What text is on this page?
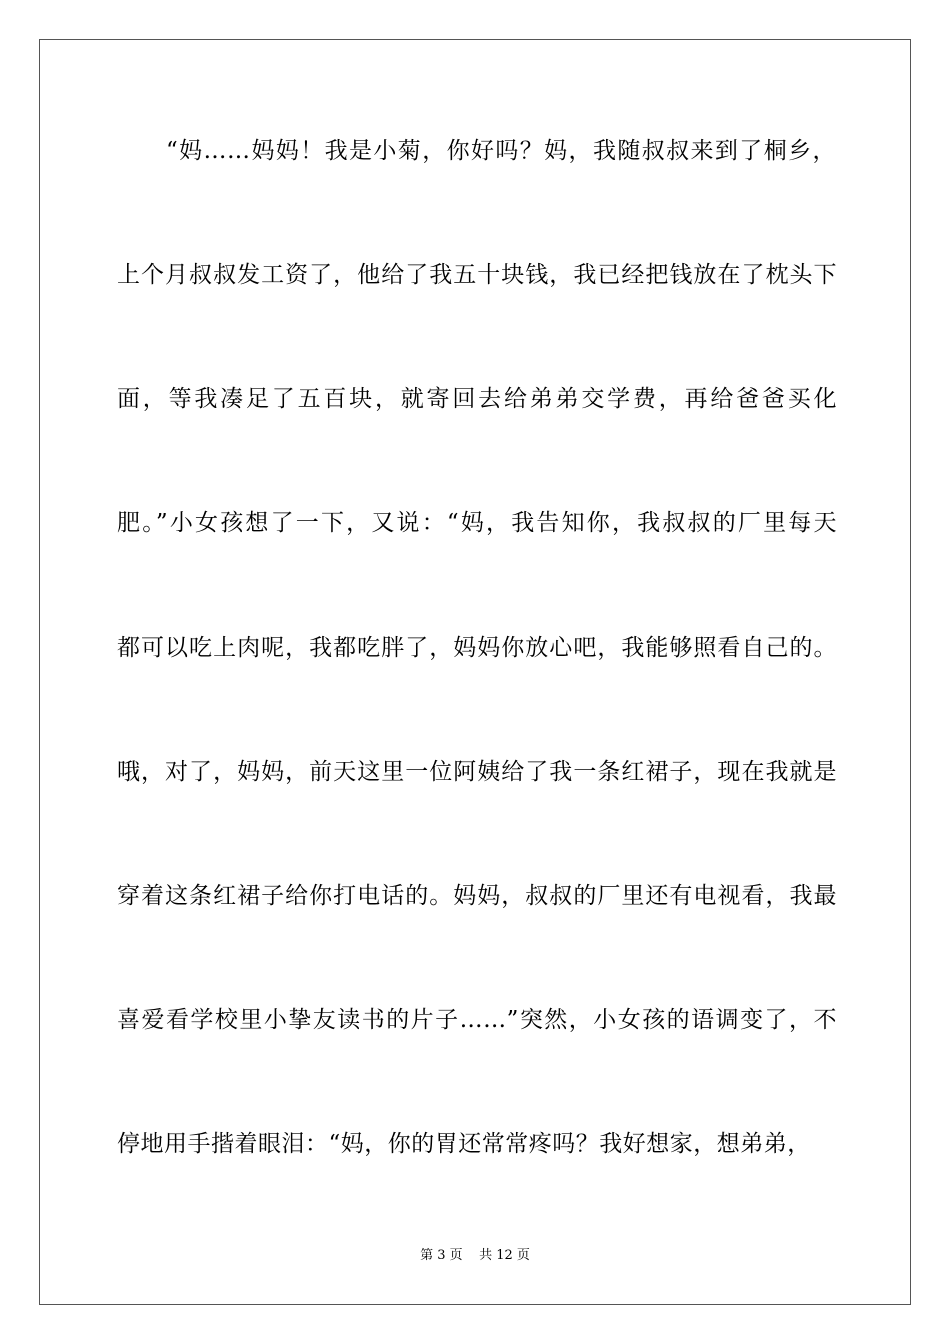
“妈……妈妈！我是小菊，你好吗？妈，我随叔叔来到了桐乡，
上个月叔叔发工资了，他给了我五十块钱，我已经把钱放在了枕头下
面，等我凑足了五百块，就寄回去给弟弟交学费，再给爸爸买化
肥。”小女孩想了一下，又说：“妈，我告知你，我叔叔的厂里每天
都可以吃上肉呢，我都吃胖了，妈妈你放心吧，我能够照看自己的。
哦，对了，妈妈，前天这里一位阿姨给了我一条红裙子，现在我就是
穿着这条红裙子给你打电话的。妈妈，叔叔的厂里还有电视看，我最
喜爱看学校里小挚友读书的片子……”突然，小女孩的语调变了，不
停地用手揩着眼泪：“妈，你的胃还常常疼吗？我好想家，想弟弟，
第 3 页    共 12 页
